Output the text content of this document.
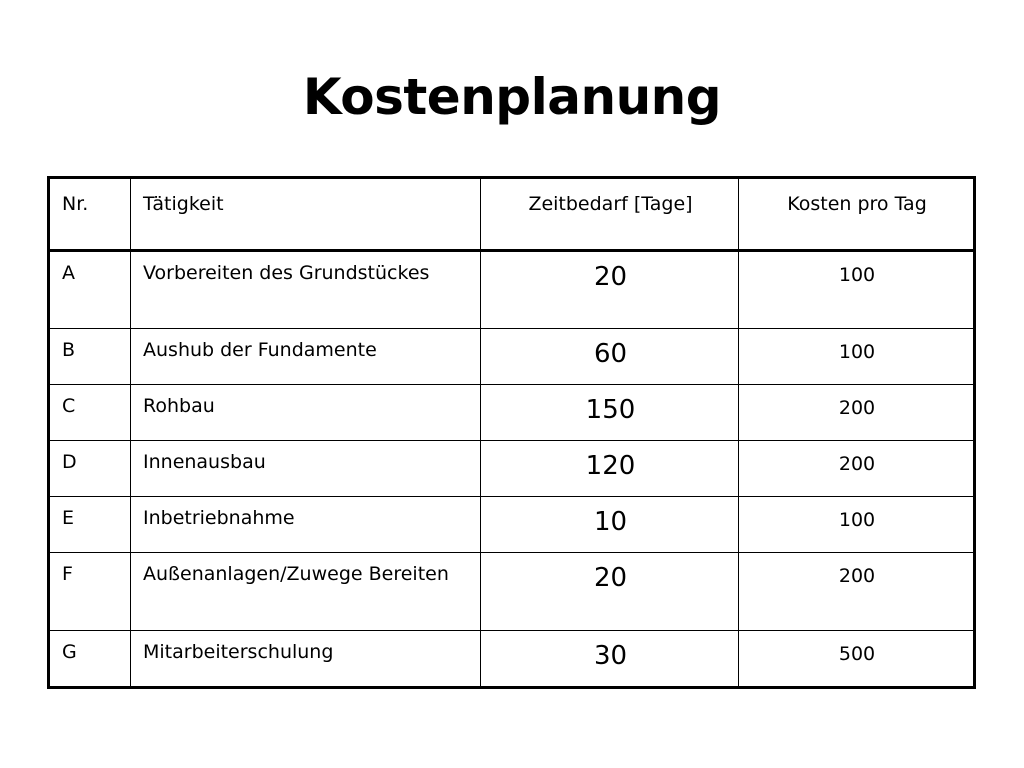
Kostenplanung
Nr.	Tätigkeit	Zeitbedarf [Tage]	Kosten pro Tag
A	Vorbereiten des Grundstückes	20	100
B	Aushub der Fundamente	60	100
C	Rohbau	150	200
D	Innenausbau	120	200
E	Inbetriebnahme	10	100
F	Außenanlagen/Zuwege Bereiten	20	200
G	Mitarbeiterschulung	30	500
